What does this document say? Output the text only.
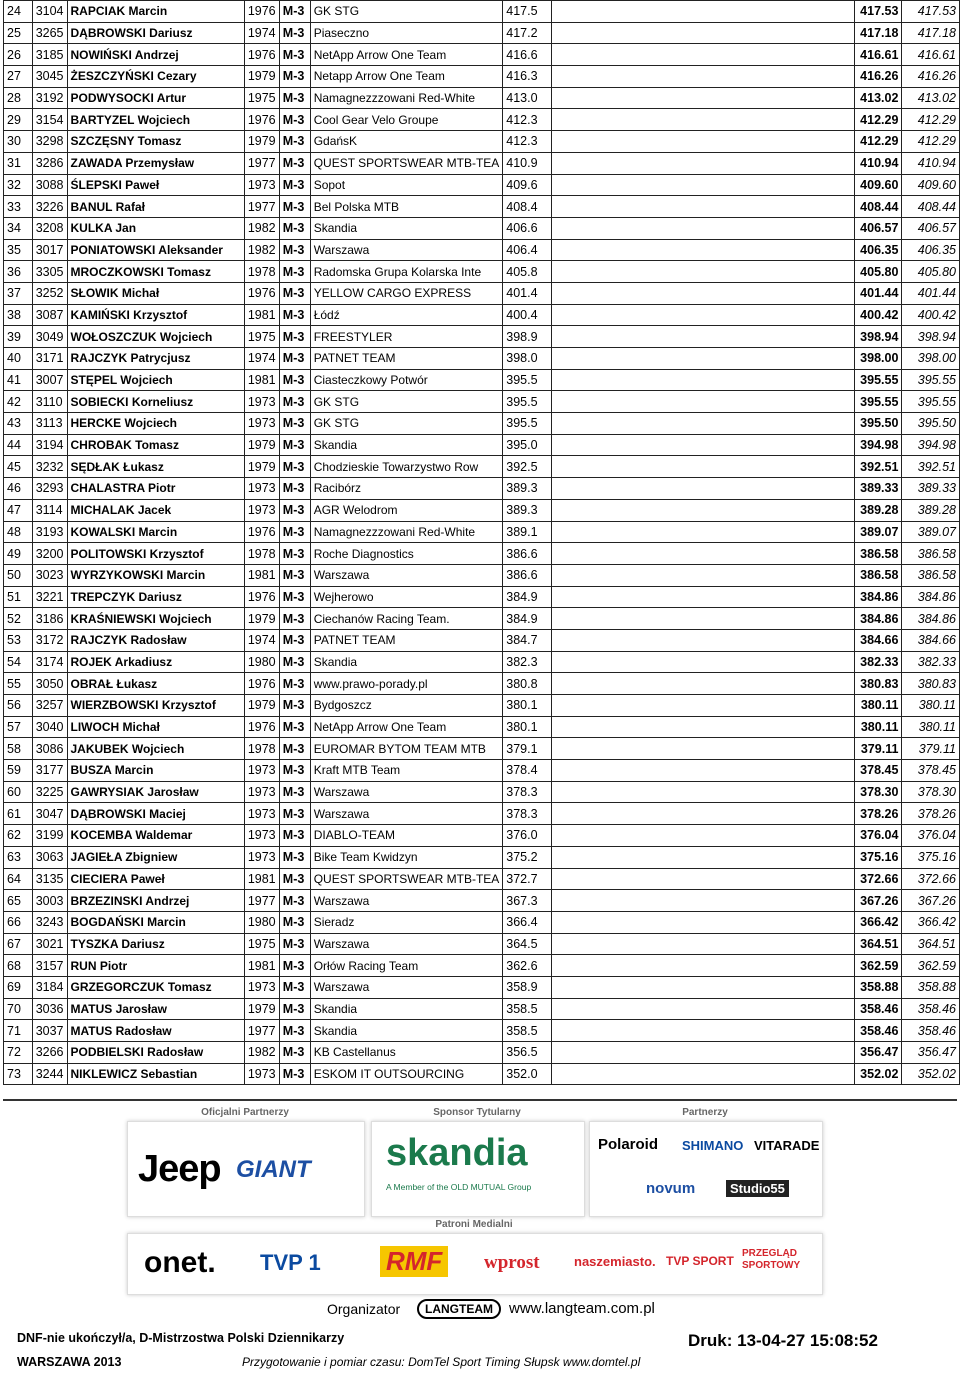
24	3104	RAPCIAK Marcin	1976	M-3	GK STG	417.5		417.53	417.53
25	3265	DĄBROWSKI Dariusz	1974	M-3	Piaseczno	417.2		417.18	417.18
26	3185	NOWIŃSKI Andrzej	1976	M-3	NetApp Arrow One Team	416.6		416.61	416.61
27	3045	ŻESZCZYŃSKI Cezary	1979	M-3	Netapp Arrow One Team	416.3		416.26	416.26
28	3192	PODWYSOCKI Artur	1975	M-3	Namagnezzzowani Red-White	413.0		413.02	413.02
29	3154	BARTYZEL Wojciech	1976	M-3	Cool Gear Velo Groupe	412.3		412.29	412.29
30	3298	SZCZĘSNY Tomasz	1979	M-3	GdańsK	412.3		412.29	412.29
31	3286	ZAWADA Przemysław	1977	M-3	QUEST SPORTSWEAR MTB-TEA	410.9		410.94	410.94
32	3088	ŚLEPSKI Paweł	1973	M-3	Sopot	409.6		409.60	409.60
33	3226	BANUL Rafał	1977	M-3	Bel Polska MTB	408.4		408.44	408.44
34	3208	KULKA Jan	1982	M-3	Skandia	406.6		406.57	406.57
35	3017	PONIATOWSKI Aleksander	1982	M-3	Warszawa	406.4		406.35	406.35
36	3305	MROCZKOWSKI Tomasz	1978	M-3	Radomska Grupa Kolarska Inte	405.8		405.80	405.80
37	3252	SŁOWIK Michał	1976	M-3	YELLOW CARGO EXPRESS	401.4		401.44	401.44
38	3087	KAMIŃSKI Krzysztof	1981	M-3	Łódź	400.4		400.42	400.42
39	3049	WOŁOSZCZUK Wojciech	1975	M-3	FREESTYLER	398.9		398.94	398.94
40	3171	RAJCZYK Patrycjusz	1974	M-3	PATNET TEAM	398.0		398.00	398.00
41	3007	STĘPEL Wojciech	1981	M-3	Ciasteczkowy Potwór	395.5		395.55	395.55
42	3110	SOBIECKI Korneliusz	1973	M-3	GK STG	395.5		395.55	395.55
43	3113	HERCKE Wojciech	1973	M-3	GK STG	395.5		395.50	395.50
44	3194	CHROBAK Tomasz	1979	M-3	Skandia	395.0		394.98	394.98
45	3232	SĘDŁAK Łukasz	1979	M-3	Chodzieskie Towarzystwo Row	392.5		392.51	392.51
46	3293	CHALASTRA Piotr	1973	M-3	Racibórz	389.3		389.33	389.33
47	3114	MICHALAK Jacek	1973	M-3	AGR Welodrom	389.3		389.28	389.28
48	3193	KOWALSKI Marcin	1976	M-3	Namagnezzzowani Red-White	389.1		389.07	389.07
49	3200	POLITOWSKI Krzysztof	1978	M-3	Roche Diagnostics	386.6		386.58	386.58
50	3023	WYRZYKOWSKI Marcin	1981	M-3	Warszawa	386.6		386.58	386.58
51	3221	TREPCZYK Dariusz	1976	M-3	Wejherowo	384.9		384.86	384.86
52	3186	KRAŚNIEWSKI Wojciech	1979	M-3	Ciechanów Racing Team.	384.9		384.86	384.86
53	3172	RAJCZYK Radosław	1974	M-3	PATNET TEAM	384.7		384.66	384.66
54	3174	ROJEK Arkadiusz	1980	M-3	Skandia	382.3		382.33	382.33
55	3050	OBRAŁ Łukasz	1976	M-3	www.prawo-porady.pl	380.8		380.83	380.83
56	3257	WIERZBOWSKI Krzysztof	1979	M-3	Bydgoszcz	380.1		380.11	380.11
57	3040	LIWOCH Michał	1976	M-3	NetApp Arrow One Team	380.1		380.11	380.11
58	3086	JAKUBEK Wojciech	1978	M-3	EUROMAR BYTOM TEAM MTB	379.1		379.11	379.11
59	3177	BUSZA Marcin	1973	M-3	Kraft MTB Team	378.4		378.45	378.45
60	3225	GAWRYSIAK Jarosław	1973	M-3	Warszawa	378.3		378.30	378.30
61	3047	DĄBROWSKI Maciej	1973	M-3	Warszawa	378.3		378.26	378.26
62	3199	KOCEMBA Waldemar	1973	M-3	DIABLO-TEAM	376.0		376.04	376.04
63	3063	JAGIEŁA Zbigniew	1973	M-3	Bike Team Kwidzyn	375.2		375.16	375.16
64	3135	CIECIERA Paweł	1981	M-3	QUEST SPORTSWEAR MTB-TEA	372.7		372.66	372.66
65	3003	BRZEZINSKI Andrzej	1977	M-3	Warszawa	367.3		367.26	367.26
66	3243	BOGDAŃSKI Marcin	1980	M-3	Sieradz	366.4		366.42	366.42
67	3021	TYSZKA Dariusz	1975	M-3	Warszawa	364.5		364.51	364.51
68	3157	RUN Piotr	1981	M-3	Orłów Racing Team	362.6		362.59	362.59
69	3184	GRZEGORCZUK Tomasz	1973	M-3	Warszawa	358.9		358.88	358.88
70	3036	MATUS Jarosław	1979	M-3	Skandia	358.5		358.46	358.46
71	3037	MATUS Radosław	1977	M-3	Skandia	358.5		358.46	358.46
72	3266	PODBIELSKI Radosław	1982	M-3	KB Castellanus	356.5		356.47	356.47
73	3244	NIKLEWICZ Sebastian	1973	M-3	ESKOM IT OUTSOURCING	352.0		352.02	352.02
Oficjalni Partnerzy
Jeep GIANT
Sponsor Tytularny
skandia
A Member of the OLD MUTUAL Group
Partnerzy
Polaroid SHIMANO VITARADE
novum	Studio55
Patroni Medialni
onet. TVP 1	RMF	wprost	naszemiasto. TVP SPORT
PRZEGLĄD SPORTOWY
Organizator	LANGTEAM	www.langteam.com.pl
DNF-nie ukończył/a, D-Mistrzostwa Polski Dziennikarzy
WARSZAWA 2013	Przygotowanie i pomiar czasu: DomTel Sport Timing Słupsk www.domtel.pl
Druk: 13-04-27 15:08:52
